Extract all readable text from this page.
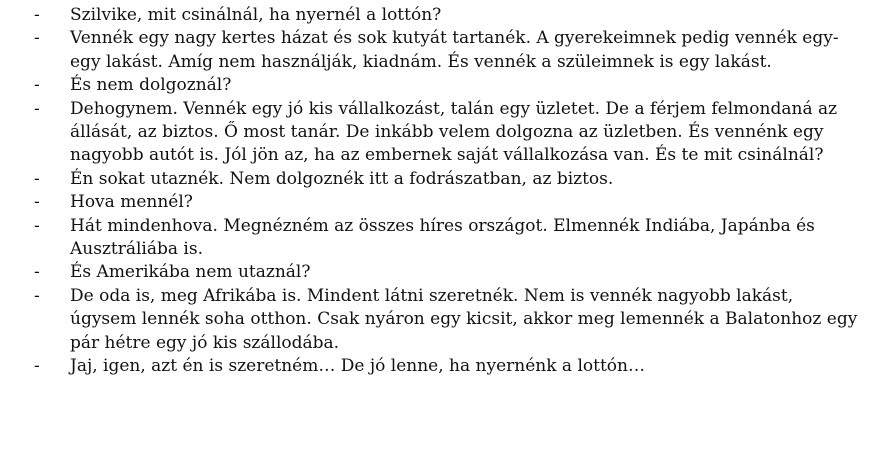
-	Szilvike, mit csinálnál, ha nyernél a lottón?
-	Vennék egy nagy kertes házat és sok kutyát tartanék. A gyerekeimnek pedig vennék egy-egy lakást. Amíg nem használják, kiadnám. És vennék a szüleimnek is egy lakást.
-	És nem dolgoznál?
-	Dehogynem. Vennék egy jó kis vállalkozást, talán egy üzletet. De a férjem felmondaná az állását, az biztos. Ő most tanár. De inkább velem dolgozna az üzletben. És vennénk egy nagyobb autót is. Jól jön az, ha az embernek saját vállalkozása van. És te mit csinálnál?
-	Én sokat utaznék. Nem dolgoznék itt a fodrászatban, az biztos.
-	Hova mennél?
-	Hát mindenhova. Megnézném az összes híres országot. Elmennék Indiába, Japánba és Ausztráliába is.
-	És Amerikába nem utaznál?
-	De oda is, meg Afrikába is. Mindent látni szeretnék. Nem is vennék nagyobb lakást, úgysem lennék soha otthon. Csak nyáron egy kicsit, akkor meg lemennék a Balatonhoz egy pár hétre egy jó kis szállodába.
-	Jaj, igen, azt én is szeretném… De jó lenne, ha nyernénk a lottón…
